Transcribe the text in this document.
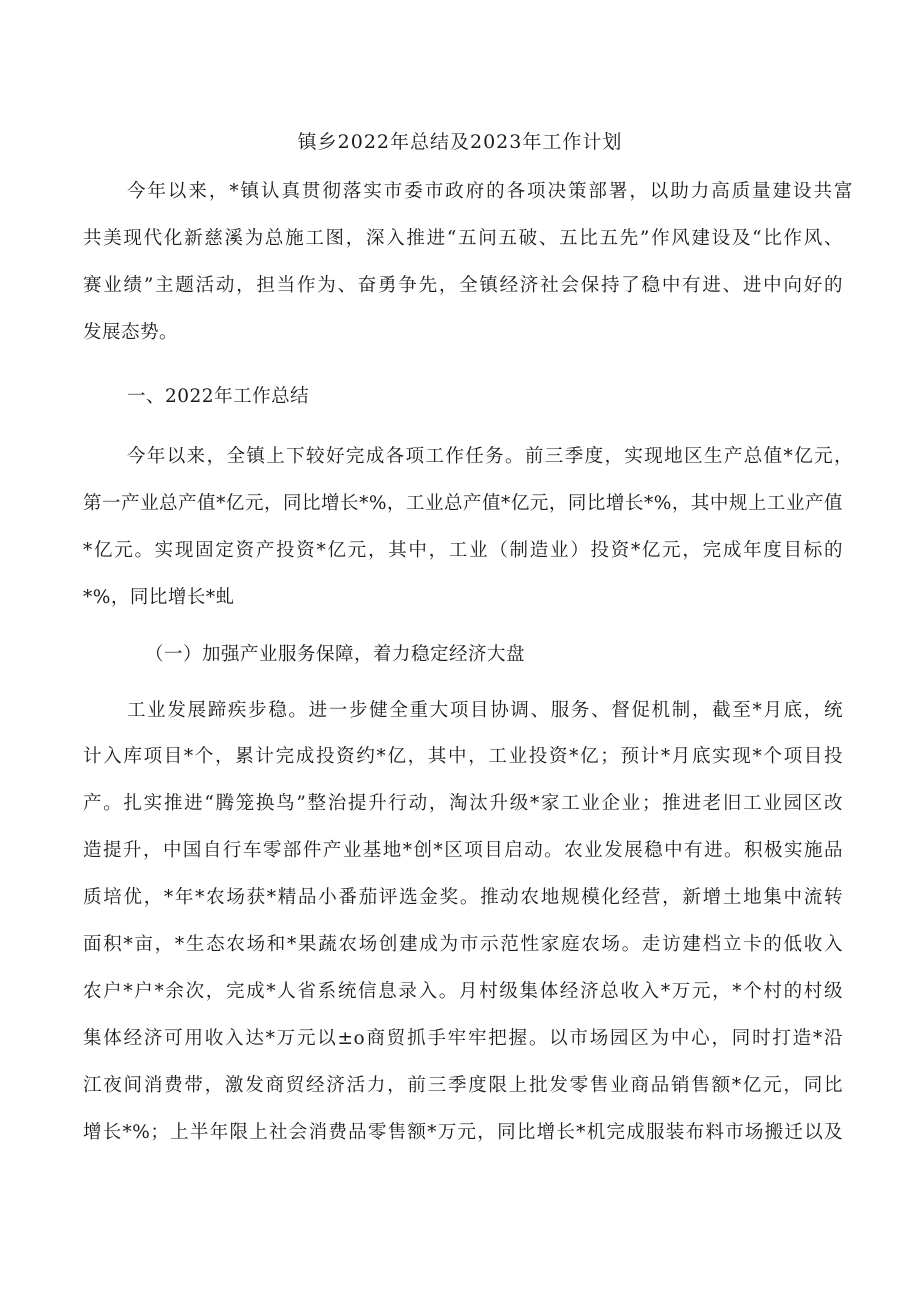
镇乡2022年总结及2023年工作计划
今年以来，*镇认真贯彻落实市委市政府的各项决策部署，以助力高质量建设共富
共美现代化新慈溪为总施工图，深入推进“五问五破、五比五先”作风建设及“比作风、
赛业绩”主题活动，担当作为、奋勇争先，全镇经济社会保持了稳中有进、进中向好的
发展态势。
一、2022年工作总结
今年以来，全镇上下较好完成各项工作任务。前三季度，实现地区生产总值*亿元，
第一产业总产值*亿元，同比增长*%，工业总产值*亿元，同比增长*%，其中规上工业产值
*亿元。实现固定资产投资*亿元，其中，工业（制造业）投资*亿元，完成年度目标的
*%，同比增长*虬
（一）加强产业服务保障，着力稳定经济大盘
工业发展蹄疾步稳。进一步健全重大项目协调、服务、督促机制，截至*月底，统
计入库项目*个，累计完成投资约*亿，其中，工业投资*亿；预计*月底实现*个项目投
产。扎实推进“腾笼换鸟”整治提升行动，淘汰升级*家工业企业；推进老旧工业园区改
造提升，中国自行车零部件产业基地*创*区项目启动。农业发展稳中有进。积极实施品
质培优，*年*农场获*精品小番茄评选金奖。推动农地规模化经营，新增土地集中流转
面积*亩，*生态农场和*果蔬农场创建成为市示范性家庭农场。走访建档立卡的低收入
农户*户*余次，完成*人省系统信息录入。月村级集体经济总收入*万元，*个村的村级
集体经济可用收入达*万元以±o商贸抓手牢牢把握。以市场园区为中心，同时打造*沿
江夜间消费带，激发商贸经济活力，前三季度限上批发零售业商品销售额*亿元，同比
增长*%；上半年限上社会消费品零售额*万元，同比增长*机完成服装布料市场搬迁以及
